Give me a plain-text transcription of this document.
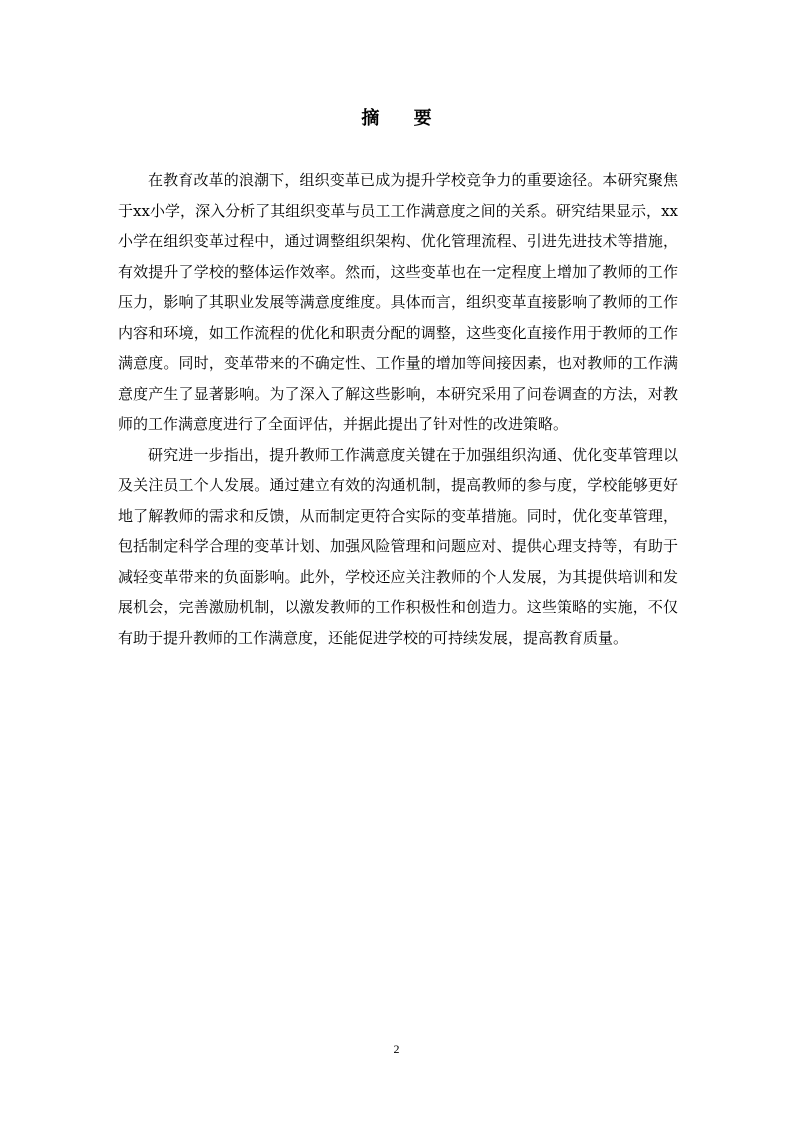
摘 要

在教育改革的浪潮下，组织变革已成为提升学校竞争力的重要途径。本研究聚焦于xx小学，深入分析了其组织变革与员工工作满意度之间的关系。研究结果显示，xx小学在组织变革过程中，通过调整组织架构、优化管理流程、引进先进技术等措施，有效提升了学校的整体运作效率。然而，这些变革也在一定程度上增加了教师的工作压力，影响了其职业发展等满意度维度。具体而言，组织变革直接影响了教师的工作内容和环境，如工作流程的优化和职责分配的调整，这些变化直接作用于教师的工作满意度。同时，变革带来的不确定性、工作量的增加等间接因素，也对教师的工作满意度产生了显著影响。为了深入了解这些影响，本研究采用了问卷调查的方法，对教师的工作满意度进行了全面评估，并据此提出了针对性的改进策略。

研究进一步指出，提升教师工作满意度关键在于加强组织沟通、优化变革管理以及关注员工个人发展。通过建立有效的沟通机制，提高教师的参与度，学校能够更好地了解教师的需求和反馈，从而制定更符合实际的变革措施。同时，优化变革管理，包括制定科学合理的变革计划、加强风险管理和问题应对、提供心理支持等，有助于减轻变革带来的负面影响。此外，学校还应关注教师的个人发展，为其提供培训和发展机会，完善激励机制，以激发教师的工作积极性和创造力。这些策略的实施，不仅有助于提升教师的工作满意度，还能促进学校的可持续发展，提高教育质量。

2
